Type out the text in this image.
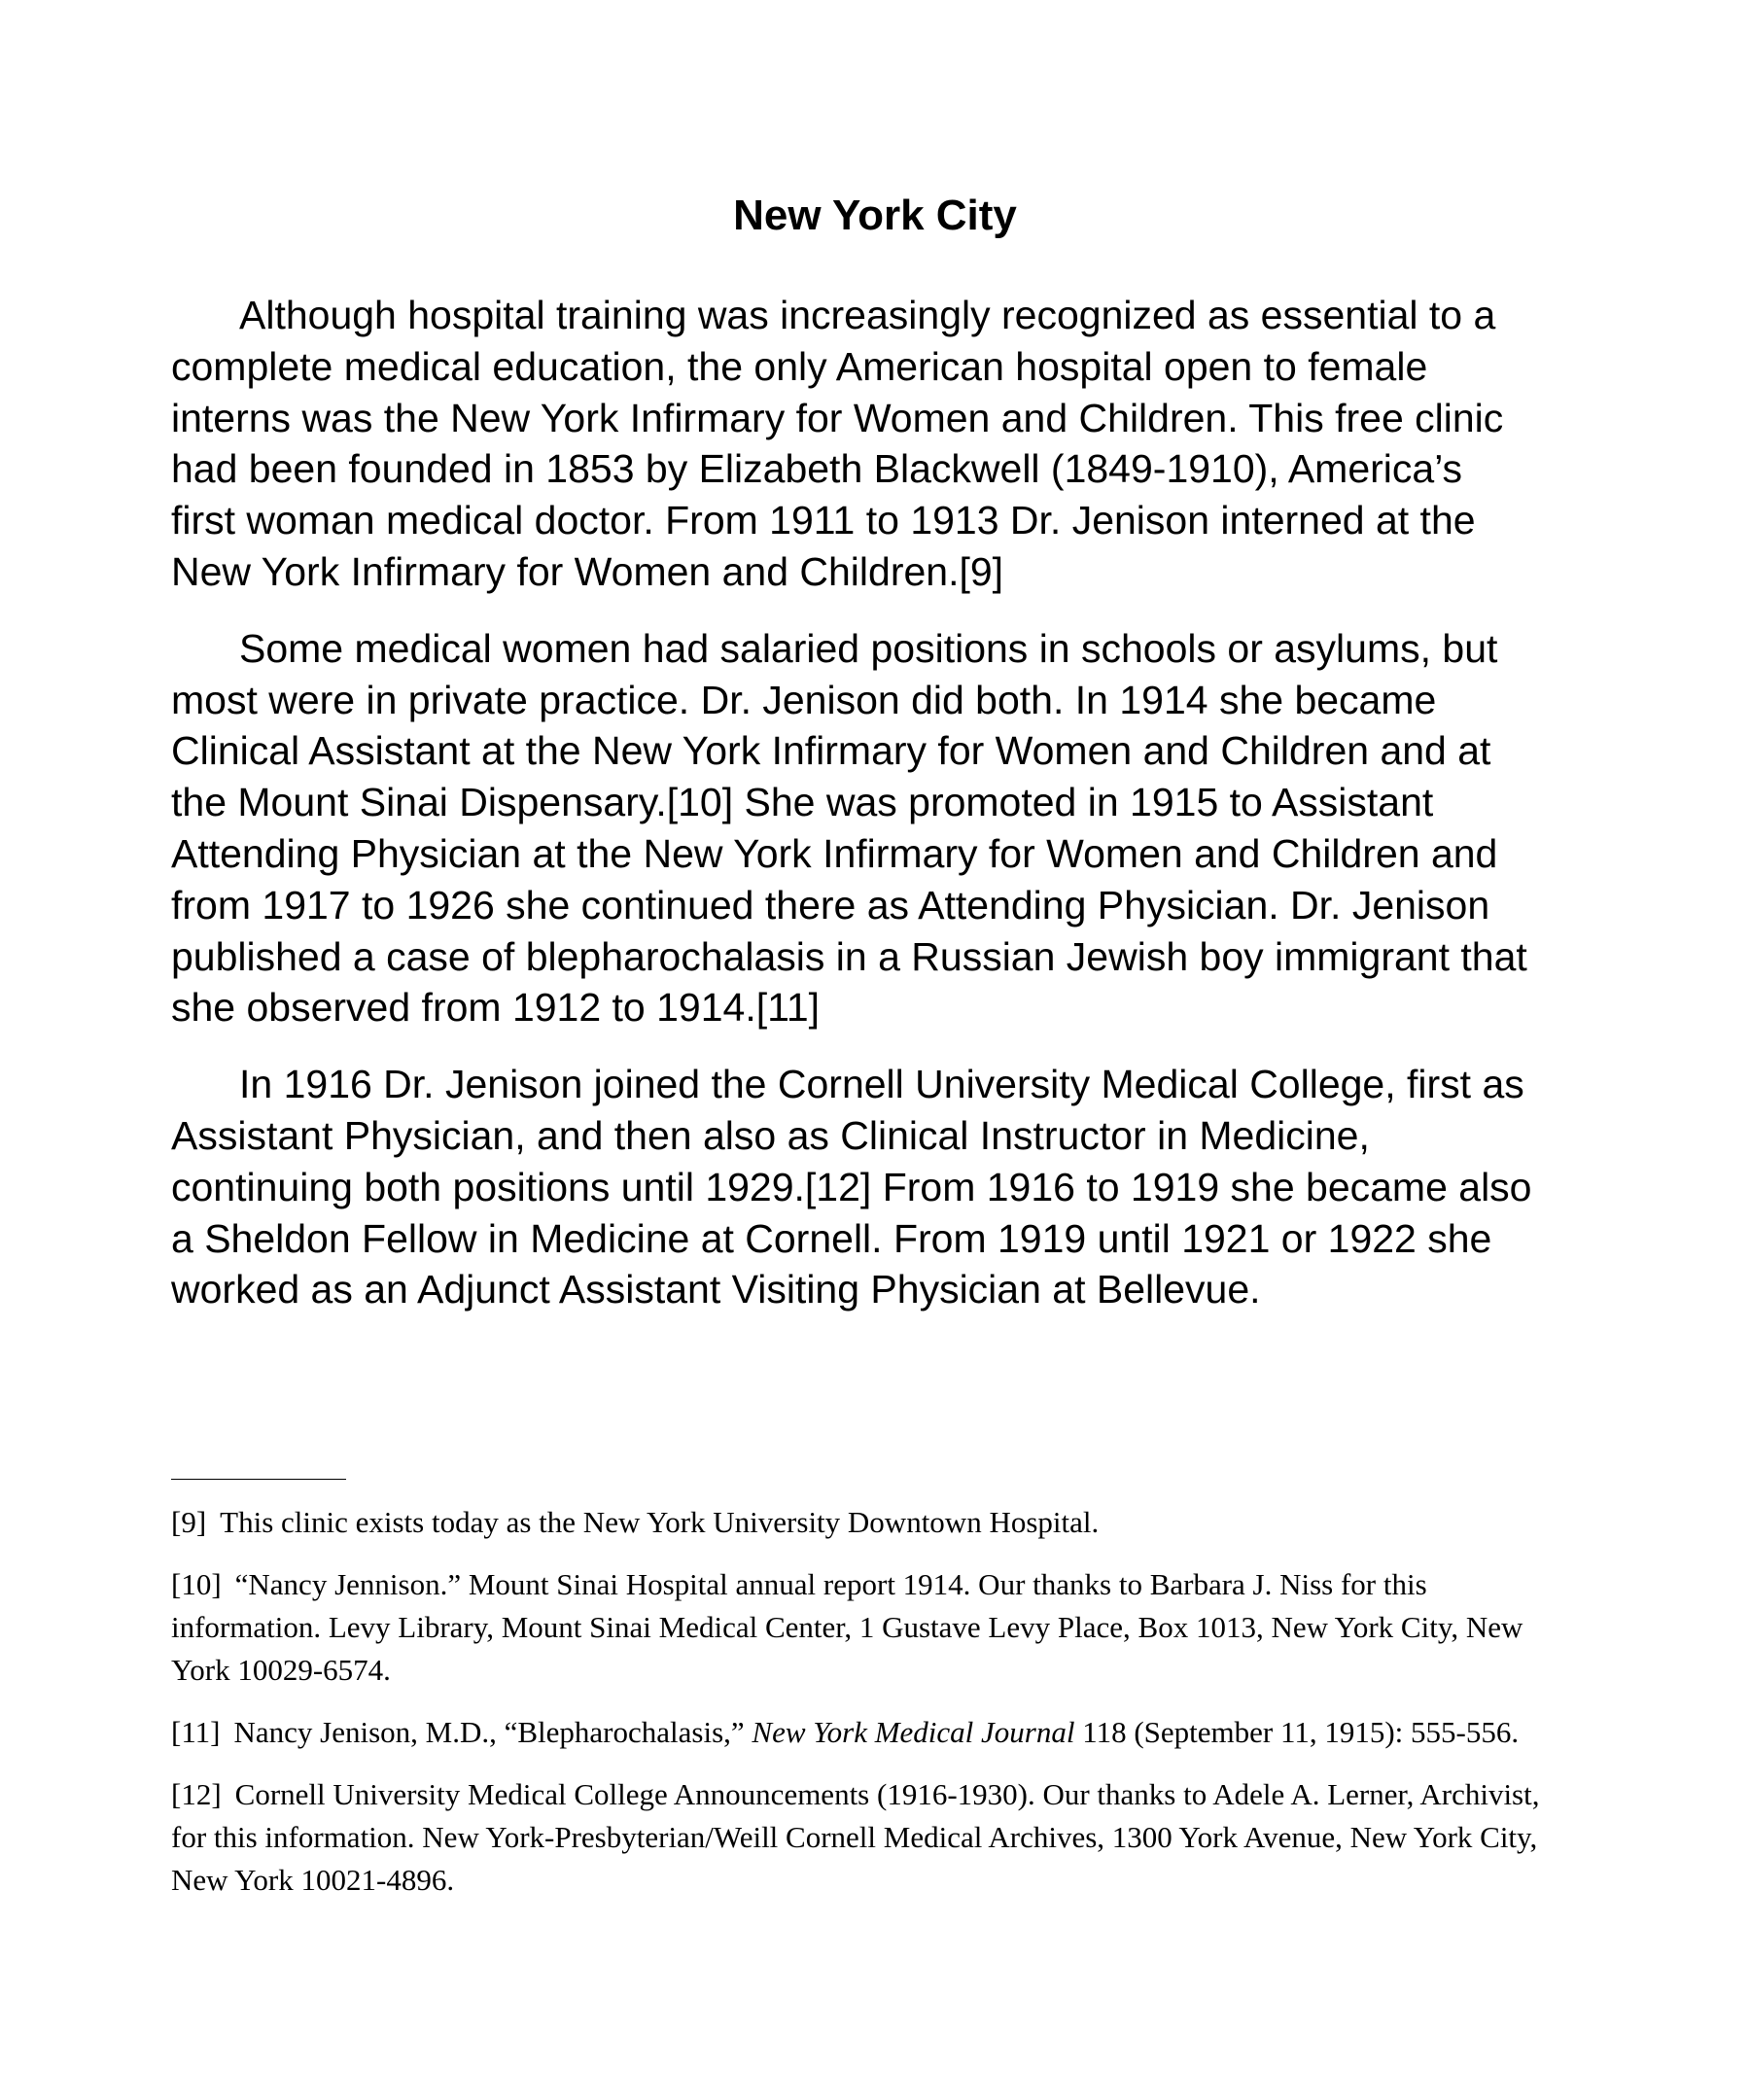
New York City

Although hospital training was increasingly recognized as essential to a complete medical education, the only American hospital open to female interns was the New York Infirmary for Women and Children. This free clinic had been founded in 1853 by Elizabeth Blackwell (1849-1910), America’s first woman medical doctor. From 1911 to 1913 Dr. Jenison interned at the New York Infirmary for Women and Children.[9]

Some medical women had salaried positions in schools or asylums, but most were in private practice. Dr. Jenison did both. In 1914 she became Clinical Assistant at the New York Infirmary for Women and Children and at the Mount Sinai Dispensary.[10] She was promoted in 1915 to Assistant Attending Physician at the New York Infirmary for Women and Children and from 1917 to 1926 she continued there as Attending Physician. Dr. Jenison published a case of blepharochalasis in a Russian Jewish boy immigrant that she observed from 1912 to 1914.[11]

In 1916 Dr. Jenison joined the Cornell University Medical College, first as Assistant Physician, and then also as Clinical Instructor in Medicine, continuing both positions until 1929.[12] From 1916 to 1919 she became also a Sheldon Fellow in Medicine at Cornell. From 1919 until 1921 or 1922 she worked as an Adjunct Assistant Visiting Physician at Bellevue.

[9] This clinic exists today as the New York University Downtown Hospital.

[10] “Nancy Jennison.” Mount Sinai Hospital annual report 1914. Our thanks to Barbara J. Niss for this information. Levy Library, Mount Sinai Medical Center, 1 Gustave Levy Place, Box 1013, New York City, New York 10029-6574.

[11] Nancy Jenison, M.D., “Blepharochalasis,” New York Medical Journal 118 (September 11, 1915): 555-556.

[12] Cornell University Medical College Announcements (1916-1930). Our thanks to Adele A. Lerner, Archivist, for this information. New York-Presbyterian/Weill Cornell Medical Archives, 1300 York Avenue, New York City, New York 10021-4896.
